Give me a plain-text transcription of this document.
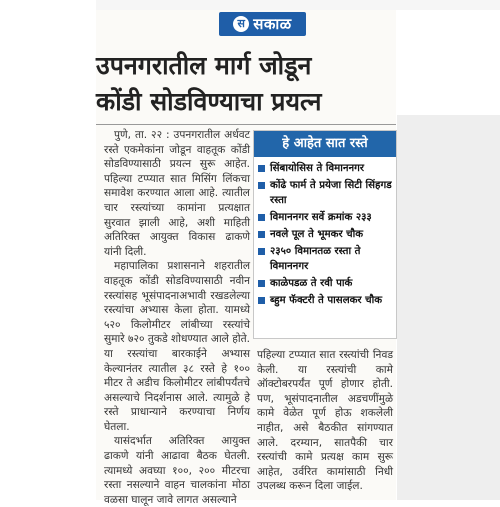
स सकाळ
उपनगरातील मार्ग जोडून
कोंडी सोडविण्याचा प्रयत्न

पुणे, ता. २२ : उपनगरातील अर्धवट रस्ते एकमेकांना जोडून वाहतूक कोंडी सोडविण्यासाठी प्रयत्न सुरू आहेत. पहिल्या टप्प्यात सात मिसिंग लिंकचा समावेश करण्यात आला आहे. त्यातील चार रस्त्यांच्या कामांना प्रत्यक्षात सुरवात झाली आहे, अशी माहिती अतिरिक्त आयुक्त विकास ढाकणे यांनी दिली.

महापालिका प्रशासनाने शहरातील वाहतूक कोंडी सोडविण्यासाठी नवीन रस्त्यांसह भूसंपादनाअभावी रखडलेल्या रस्त्यांचा अभ्यास केला होता. यामध्ये ५२० किलोमीटर लांबीच्या रस्त्यांचे सुमारे ७२० तुकडे शोधण्यात आले होते. या रस्त्यांचा बारकाईने अभ्यास केल्यानंतर त्यातील ३८ रस्ते हे १०० मीटर ते अडीच किलोमीटर लांबीपर्यंतचे असल्याचे निदर्शनास आले. त्यामुळे हे रस्ते प्राधान्याने करण्याचा निर्णय घेतला.

यासंदर्भात अतिरिक्त आयुक्त ढाकणे यांनी आढावा बैठक घेतली. त्यामध्ये अवघ्या १००, २०० मीटरचा रस्ता नसल्याने वाहन चालकांना मोठा वळसा घालून जावे लागत असल्याने

हे आहेत सात रस्ते
सिंबायोसिस ते विमाननगर
कोंढे फार्म ते प्रयेजा सिटी सिंहगड रस्ता
विमाननगर सर्वे क्रमांक २३३
नवले पूल ते भूमकर चौक
२३५० विमानतळ रस्ता ते विमाननगर
काळेपडळ ते रवी पार्क
ब्हुम फॅक्टरी ते पासलकर चौक

पहिल्या टप्प्यात सात रस्त्यांची निवड केली. या रस्त्यांची कामे ऑक्टोबरपर्यंत पूर्ण होणार होती. पण, भूसंपादनातील अडचणींमुळे कामे वेळेत पूर्ण होऊ शकलेली नाहीत, असे बैठकीत सांगण्यात आले. दरम्यान, सातपैकी चार रस्त्यांची कामे प्रत्यक्ष काम सुरू आहेत, उर्वरित कामांसाठी निधी उपलब्ध करून दिला जाईल.
